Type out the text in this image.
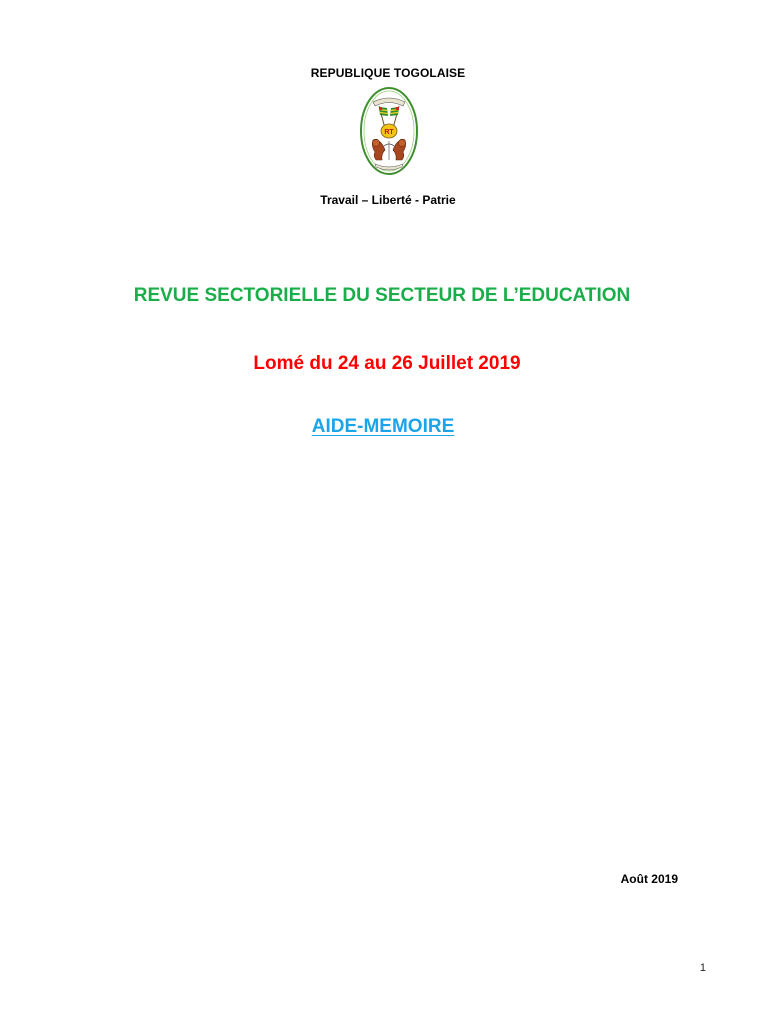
REPUBLIQUE TOGOLAISE
RT
Travail – Liberté - Patrie
REVUE SECTORIELLE DU SECTEUR DE L’EDUCATION
Lomé du 24 au 26 Juillet 2019
AIDE-MEMOIRE
Août 2019
1
